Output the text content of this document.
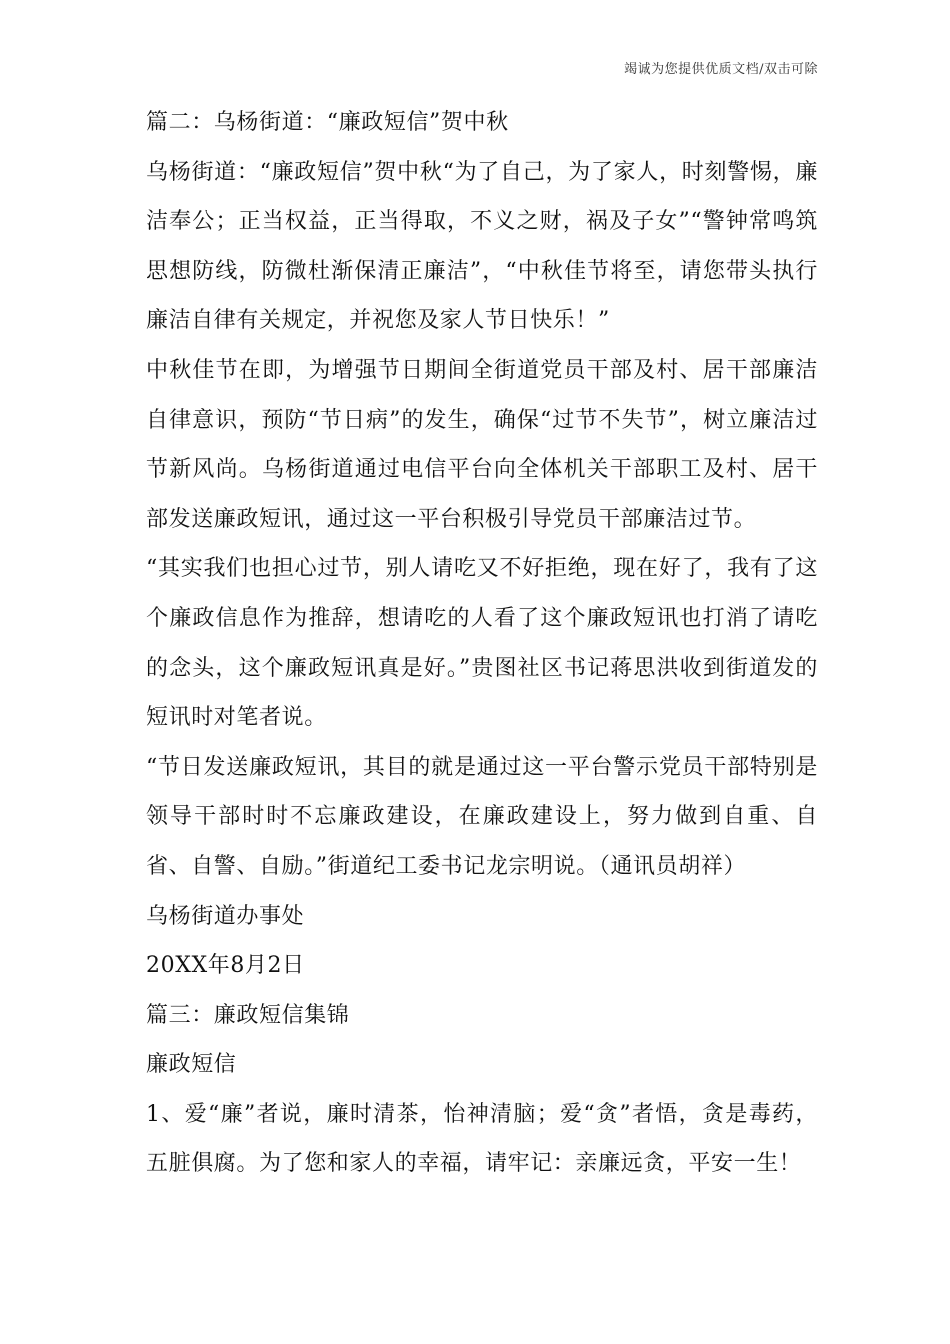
竭诚为您提供优质文档/双击可除

篇二：乌杨街道：“廉政短信”贺中秋

乌杨街道：“廉政短信”贺中秋“为了自己，为了家人，时刻警惕，廉洁奉公；正当权益，正当得取，不义之财，祸及子女”“警钟常鸣筑思想防线，防微杜渐保清正廉洁”，“中秋佳节将至，请您带头执行廉洁自律有关规定，并祝您及家人节日快乐！”

中秋佳节在即，为增强节日期间全街道党员干部及村、居干部廉洁自律意识，预防“节日病”的发生，确保“过节不失节”，树立廉洁过节新风尚。乌杨街道通过电信平台向全体机关干部职工及村、居干部发送廉政短讯，通过这一平台积极引导党员干部廉洁过节。

“其实我们也担心过节，别人请吃又不好拒绝，现在好了，我有了这个廉政信息作为推辞，想请吃的人看了这个廉政短讯也打消了请吃的念头，这个廉政短讯真是好。”贵图社区书记蒋思洪收到街道发的短讯时对笔者说。

“节日发送廉政短讯，其目的就是通过这一平台警示党员干部特别是领导干部时时不忘廉政建设，在廉政建设上，努力做到自重、自省、自警、自励。”街道纪工委书记龙宗明说。（通讯员胡祥）

乌杨街道办事处

20XX年8月2日

篇三：廉政短信集锦

廉政短信

1、爱“廉”者说，廉时清茶，怡神清脑；爱“贪”者悟，贪是毒药，五脏俱腐。为了您和家人的幸福，请牢记：亲廉远贪，平安一生！
